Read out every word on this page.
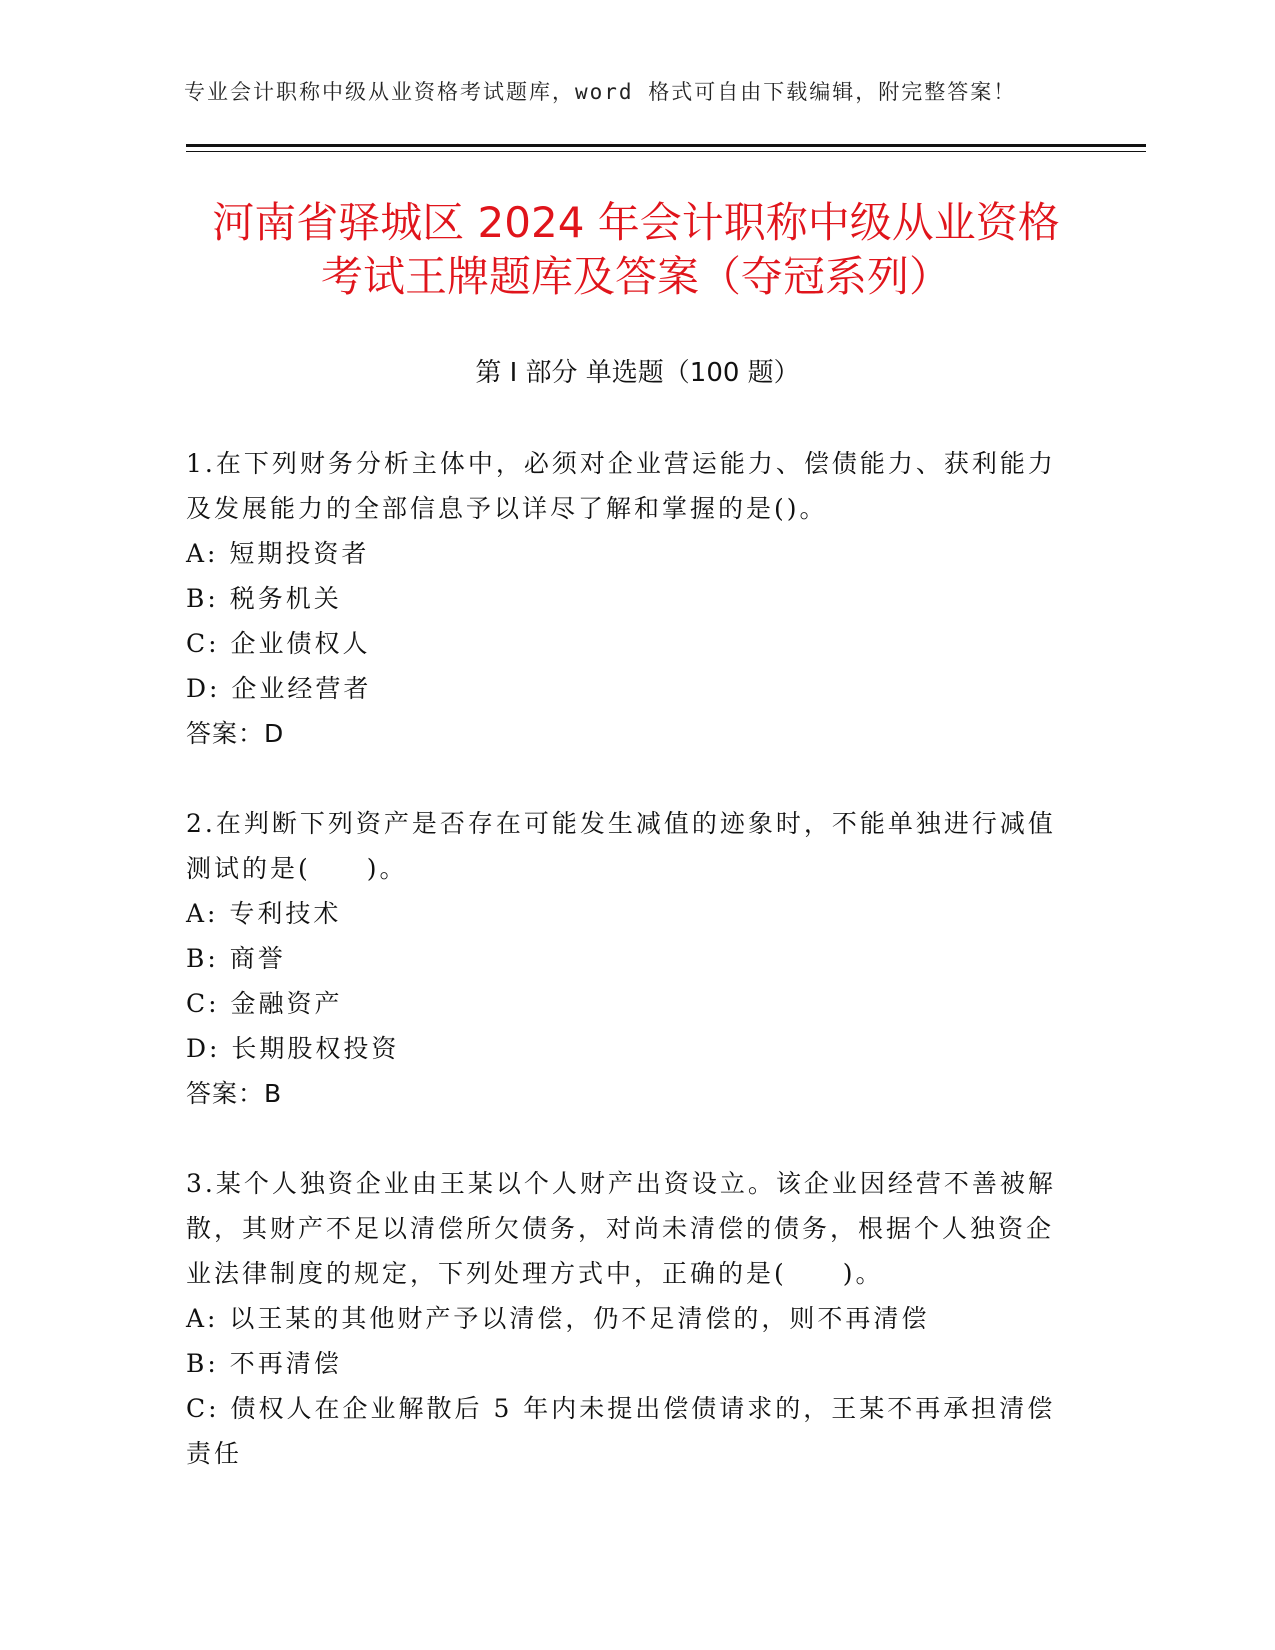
专业会计职称中级从业资格考试题库，word 格式可自由下载编辑，附完整答案！
河南省驿城区 2024 年会计职称中级从业资格
考试王牌题库及答案（夺冠系列）
第 I 部分 单选题（100 题）

1.在下列财务分析主体中，必须对企业营运能力、偿债能力、获利能力及发展能力的全部信息予以详尽了解和掌握的是()。

A: 短期投资者

B: 税务机关

C: 企业债权人

D: 企业经营者

答案：D

2.在判断下列资产是否存在可能发生减值的迹象时，不能单独进行减值测试的是(　　)。

A: 专利技术

B: 商誉

C: 金融资产

D: 长期股权投资

答案：B

3.某个人独资企业由王某以个人财产出资设立。该企业因经营不善被解散，其财产不足以清偿所欠债务，对尚未清偿的债务，根据个人独资企业法律制度的规定，下列处理方式中，正确的是(　　)。

A: 以王某的其他财产予以清偿，仍不足清偿的，则不再清偿

B: 不再清偿

C: 债权人在企业解散后 5 年内未提出偿债请求的，王某不再承担清偿责任
